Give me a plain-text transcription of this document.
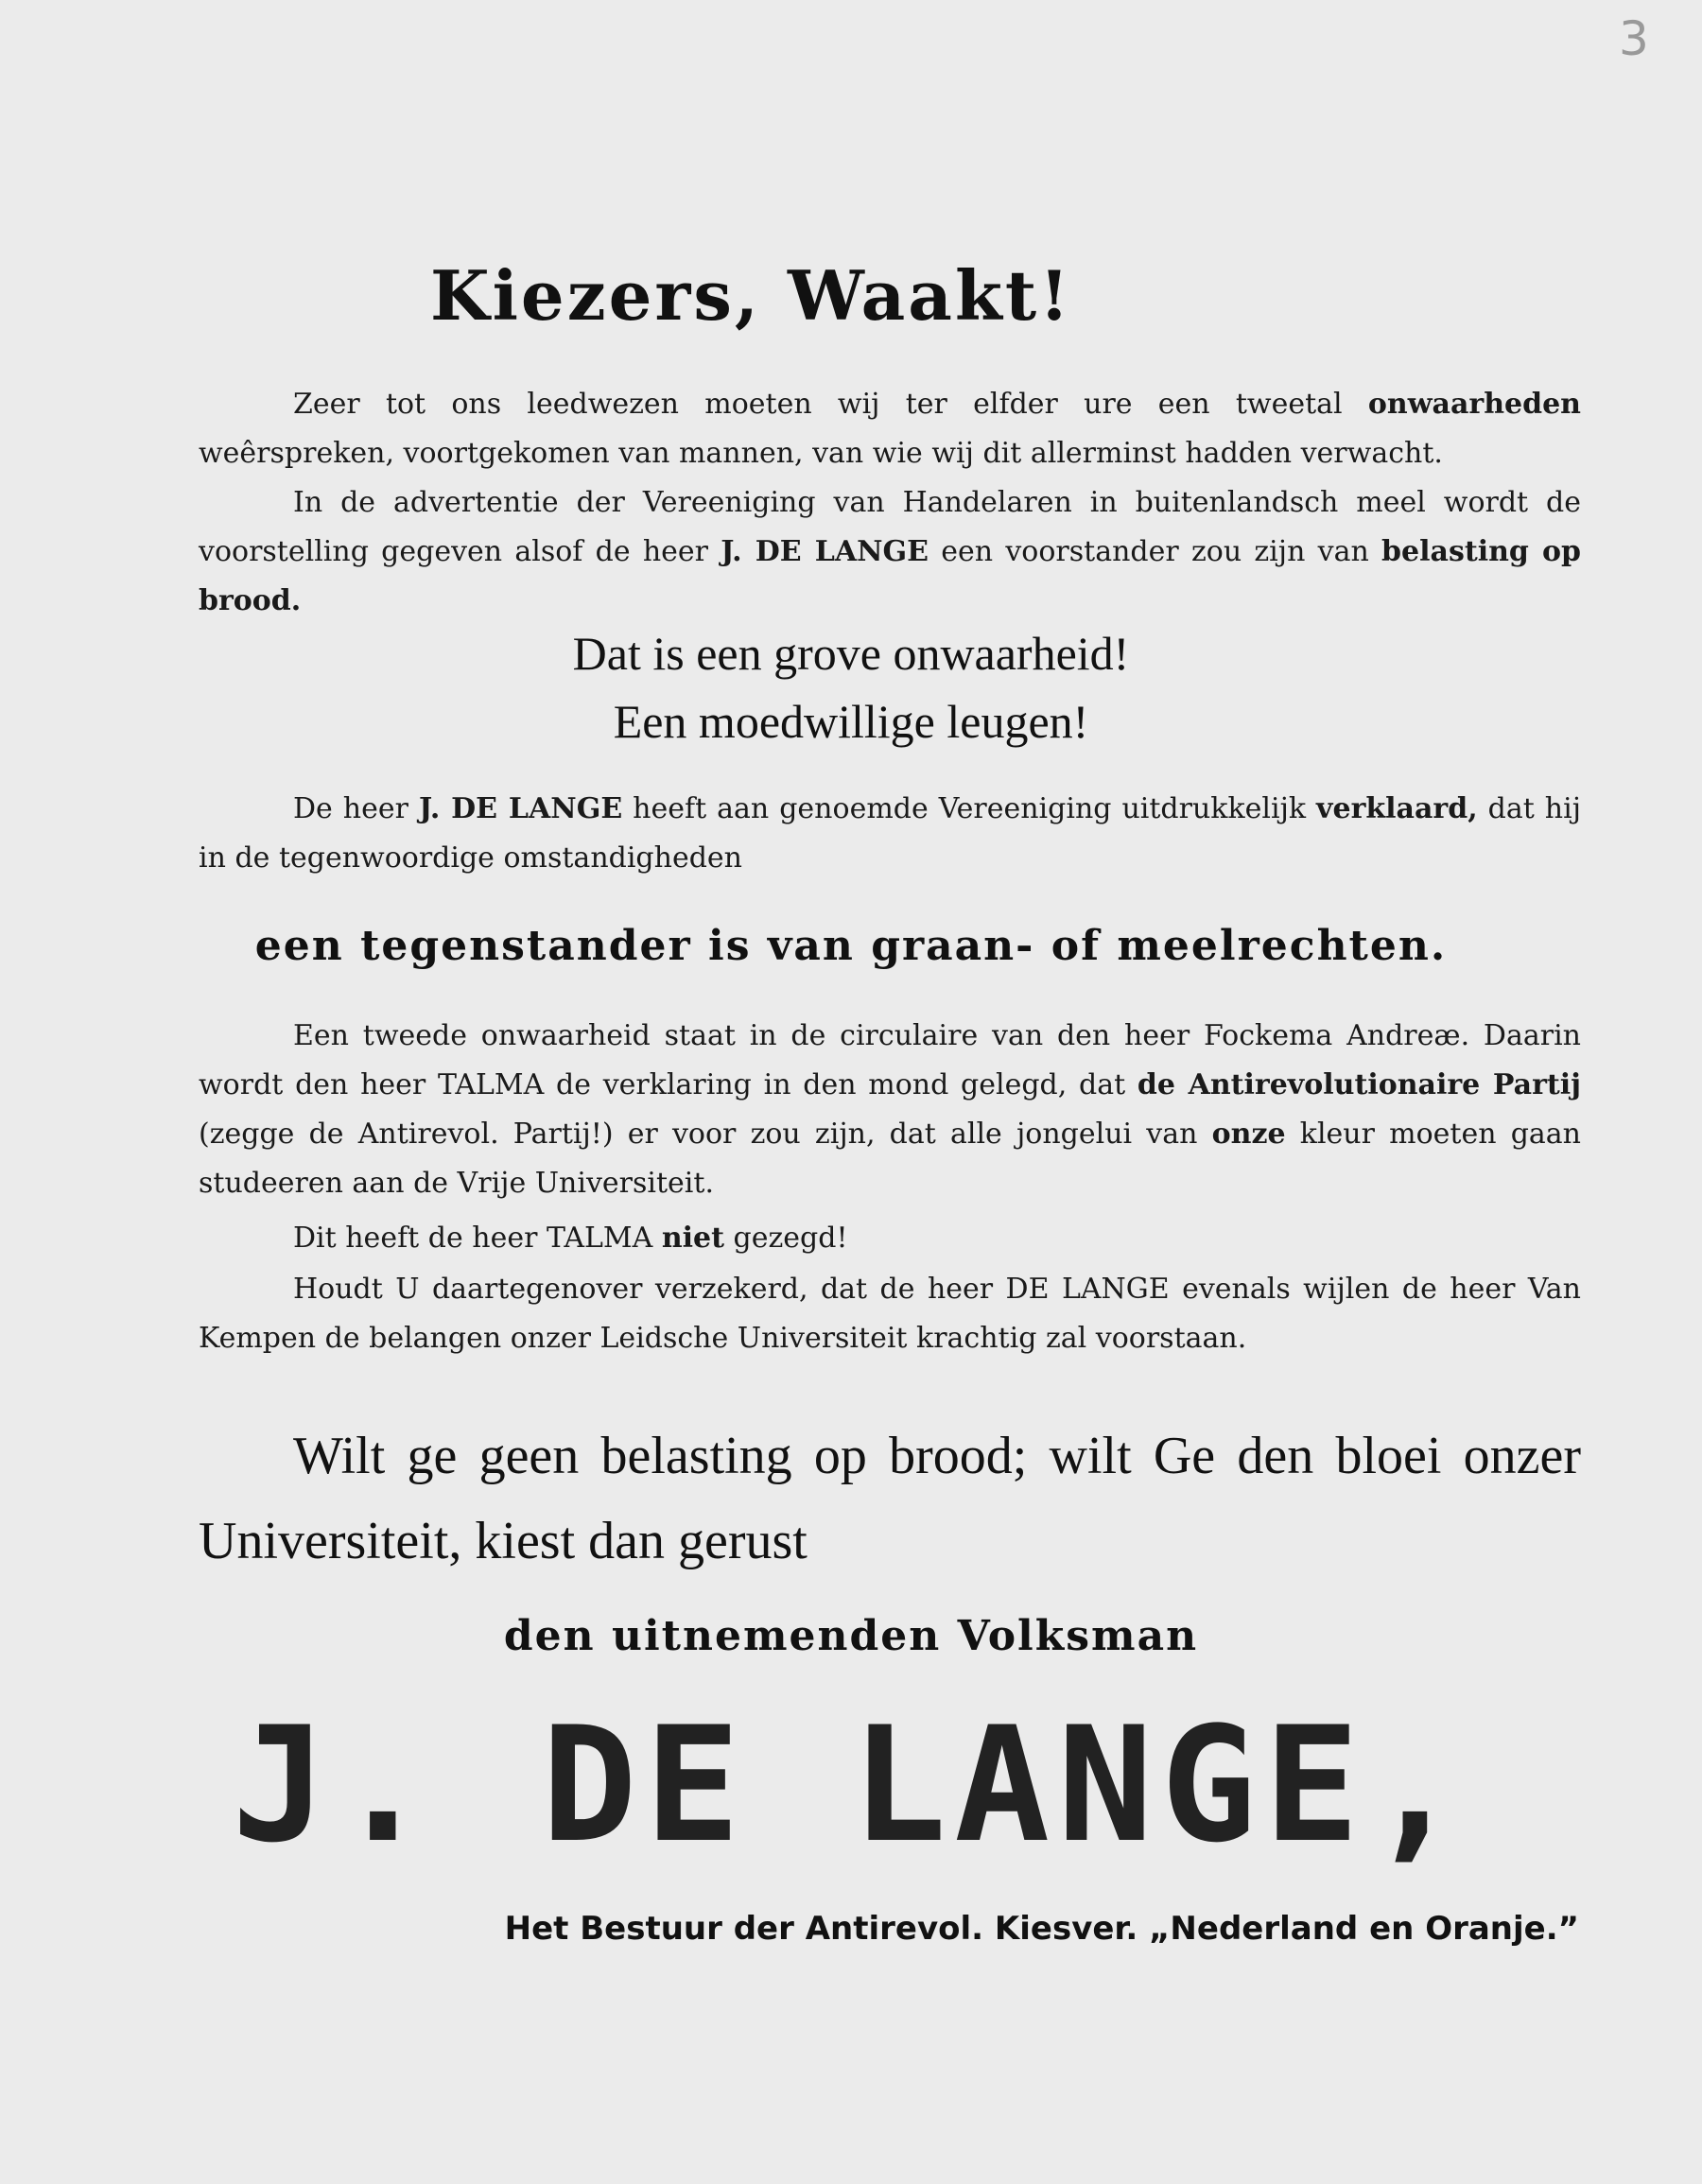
3
Kiezers, Waakt!
Zeer tot ons leedwezen moeten wij ter elfder ure een tweetal onwaarheden weêrspreken, voortgekomen van mannen, van wie wij dit allerminst hadden verwacht.
In de advertentie der Vereeniging van Handelaren in buitenlandsch meel wordt de voorstelling gegeven alsof de heer J. DE LANGE een voorstander zou zijn van belasting op brood.
Dat is een grove onwaarheid!
Een moedwillige leugen!
De heer J. DE LANGE heeft aan genoemde Vereeniging uitdrukkelijk verklaard, dat hij in de tegenwoordige omstandigheden
een tegenstander is van graan- of meelrechten.
Een tweede onwaarheid staat in de circulaire van den heer Fockema Andreæ. Daarin wordt den heer TALMA de verklaring in den mond gelegd, dat de Antirevolutionaire Partij (zegge de Antirevol. Partij!) er voor zou zijn, dat alle jongelui van onze kleur moeten gaan studeeren aan de Vrije Universiteit.
Dit heeft de heer TALMA niet gezegd!
Houdt U daartegenover verzekerd, dat de heer DE LANGE evenals wijlen de heer Van Kempen de belangen onzer Leidsche Universiteit krachtig zal voorstaan.
Wilt ge geen belasting op brood; wilt Ge den bloei onzer Universiteit, kiest dan gerust
den uitnemenden Volksman
J. DE LANGE,
Het Bestuur der Antirevol. Kiesver. „Nederland en Oranje.”
